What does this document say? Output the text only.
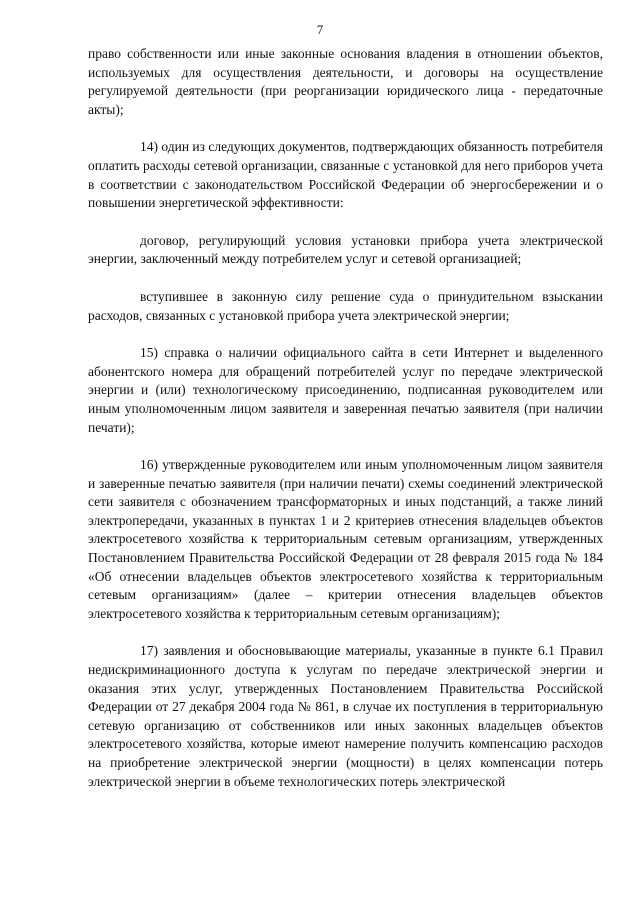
7

право собственности или иные законные основания владения в отношении объектов, используемых для осуществления деятельности, и договоры на осуществление регулируемой деятельности (при реорганизации юридического лица - передаточные акты);

14) один из следующих документов, подтверждающих обязанность потребителя оплатить расходы сетевой организации, связанные с установкой для него приборов учета в соответствии с законодательством Российской Федерации об энергосбережении и о повышении энергетической эффективности:

договор, регулирующий условия установки прибора учета электрической энергии, заключенный между потребителем услуг и сетевой организацией;

вступившее в законную силу решение суда о принудительном взыскании расходов, связанных с установкой прибора учета электрической энергии;

15) справка о наличии официального сайта в сети Интернет и выделенного абонентского номера для обращений потребителей услуг по передаче электрической энергии и (или) технологическому присоединению, подписанная руководителем или иным уполномоченным лицом заявителя и заверенная печатью заявителя (при наличии печати);

16) утвержденные руководителем или иным уполномоченным лицом заявителя и заверенные печатью заявителя (при наличии печати) схемы соединений электрической сети заявителя с обозначением трансформаторных и иных подстанций, а также линий электропередачи, указанных в пунктах 1 и 2 критериев отнесения владельцев объектов электросетевого хозяйства к территориальным сетевым организациям, утвержденных Постановлением Правительства Российской Федерации от 28 февраля 2015 года № 184 «Об отнесении владельцев объектов электросетевого хозяйства к территориальным сетевым организациям» (далее – критерии отнесения владельцев объектов электросетевого хозяйства к территориальным сетевым организациям);

17) заявления и обосновывающие материалы, указанные в пункте 6.1 Правил недискриминационного доступа к услугам по передаче электрической энергии и оказания этих услуг, утвержденных Постановлением Правительства Российской Федерации от 27 декабря 2004 года № 861, в случае их поступления в территориальную сетевую организацию от собственников или иных законных владельцев объектов электросетевого хозяйства, которые имеют намерение получить компенсацию расходов на приобретение электрической энергии (мощности) в целях компенсации потерь электрической энергии в объеме технологических потерь электрической
